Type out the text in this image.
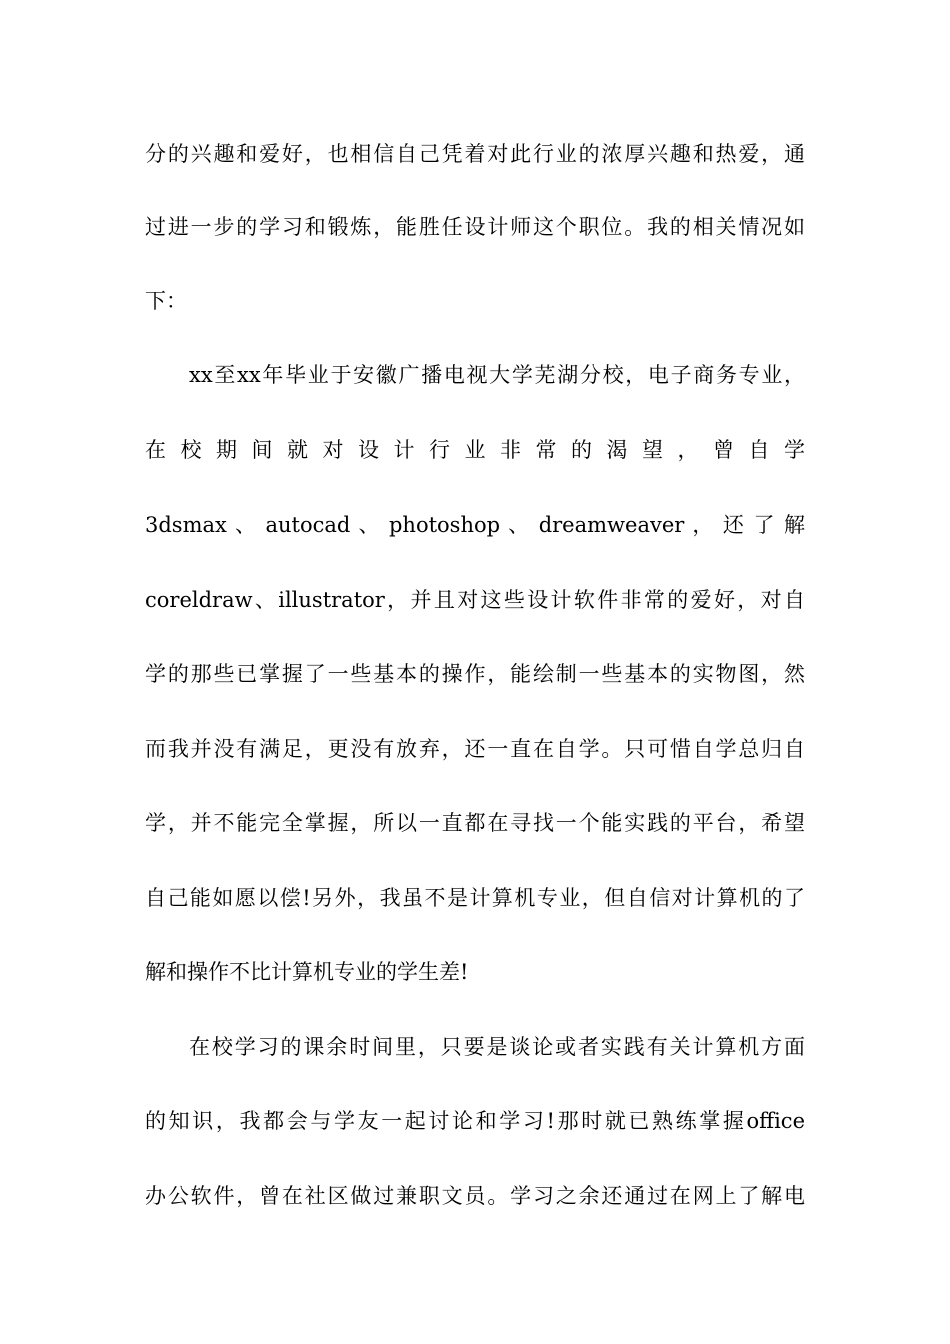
分的兴趣和爱好，也相信自己凭着对此行业的浓厚兴趣和热爱，通
过进一步的学习和锻炼，能胜任设计师这个职位。我的相关情况如
下：
xx至xx年毕业于安徽广播电视大学芜湖分校，电子商务专业，
在 校 期 间 就 对 设 计 行 业 非 常 的 渴 望 ， 曾 自 学
3dsmax 、 autocad 、 photoshop 、 dreamweaver ， 还 了 解
coreldraw、illustrator，并且对这些设计软件非常的爱好，对自
学的那些已掌握了一些基本的操作，能绘制一些基本的实物图，然
而我并没有满足，更没有放弃，还一直在自学。只可惜自学总归自
学，并不能完全掌握，所以一直都在寻找一个能实践的平台，希望
自己能如愿以偿!另外，我虽不是计算机专业，但自信对计算机的了
解和操作不比计算机专业的学生差!
在校学习的课余时间里，只要是谈论或者实践有关计算机方面
的知识，我都会与学友一起讨论和学习!那时就已熟练掌握office
办公软件，曾在社区做过兼职文员。学习之余还通过在网上了解电
